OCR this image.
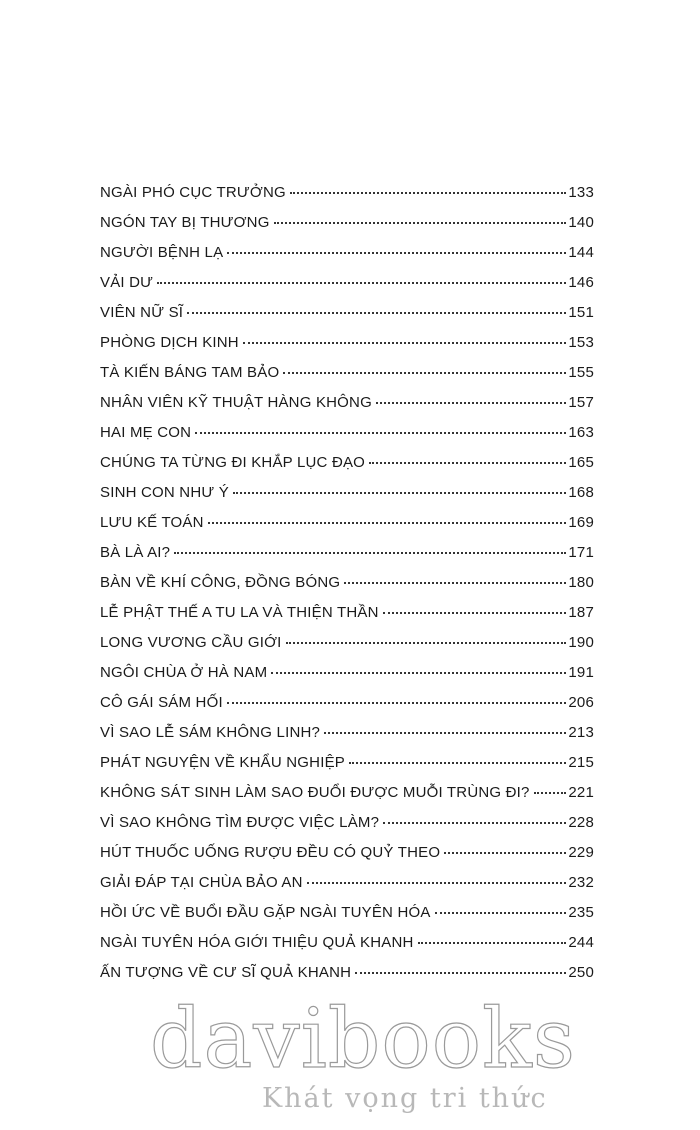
NGÀI PHÓ CỤC TRƯỞNG	133
NGÓN TAY BỊ THƯƠNG	140
NGƯỜI BỆNH LẠ	144
VẢI DƯ	146
VIÊN NỮ SĨ	151
PHÒNG DỊCH KINH	153
TÀ KIẾN BÁNG TAM BẢO	155
NHÂN VIÊN KỸ THUẬT HÀNG KHÔNG	157
HAI MẸ CON	163
CHÚNG TA TỪNG ĐI KHẮP LỤC ĐẠO	165
SINH CON NHƯ Ý	168
LƯU KẾ TOÁN	169
BÀ LÀ AI?	171
BÀN VỀ KHÍ CÔNG, ĐỒNG BÓNG	180
LỄ PHẬT THẾ A TU LA VÀ THIỆN THẦN	187
LONG VƯƠNG CẦU GIỚI	190
NGÔI CHÙA Ở HÀ NAM	191
CÔ GÁI SÁM HỐI	206
VÌ SAO LỄ SÁM KHÔNG LINH?	213
PHÁT NGUYỆN VỀ KHẨU NGHIỆP	215
KHÔNG SÁT SINH LÀM SAO ĐUỔI ĐƯỢC MUỖI TRÙNG ĐI?	221
VÌ SAO KHÔNG TÌM ĐƯỢC VIỆC LÀM?	228
HÚT THUỐC UỐNG RƯỢU ĐỀU CÓ QUỶ THEO	229
GIẢI ĐÁP TẠI CHÙA BẢO AN	232
HỒI ỨC VỀ BUỔI ĐẦU GẶP NGÀI TUYÊN HÓA	235
NGÀI TUYÊN HÓA GIỚI THIỆU QUẢ KHANH	244
ẤN TƯỢNG VỀ CƯ SĨ QUẢ KHANH	250
davibooks
Khát vọng tri thức
